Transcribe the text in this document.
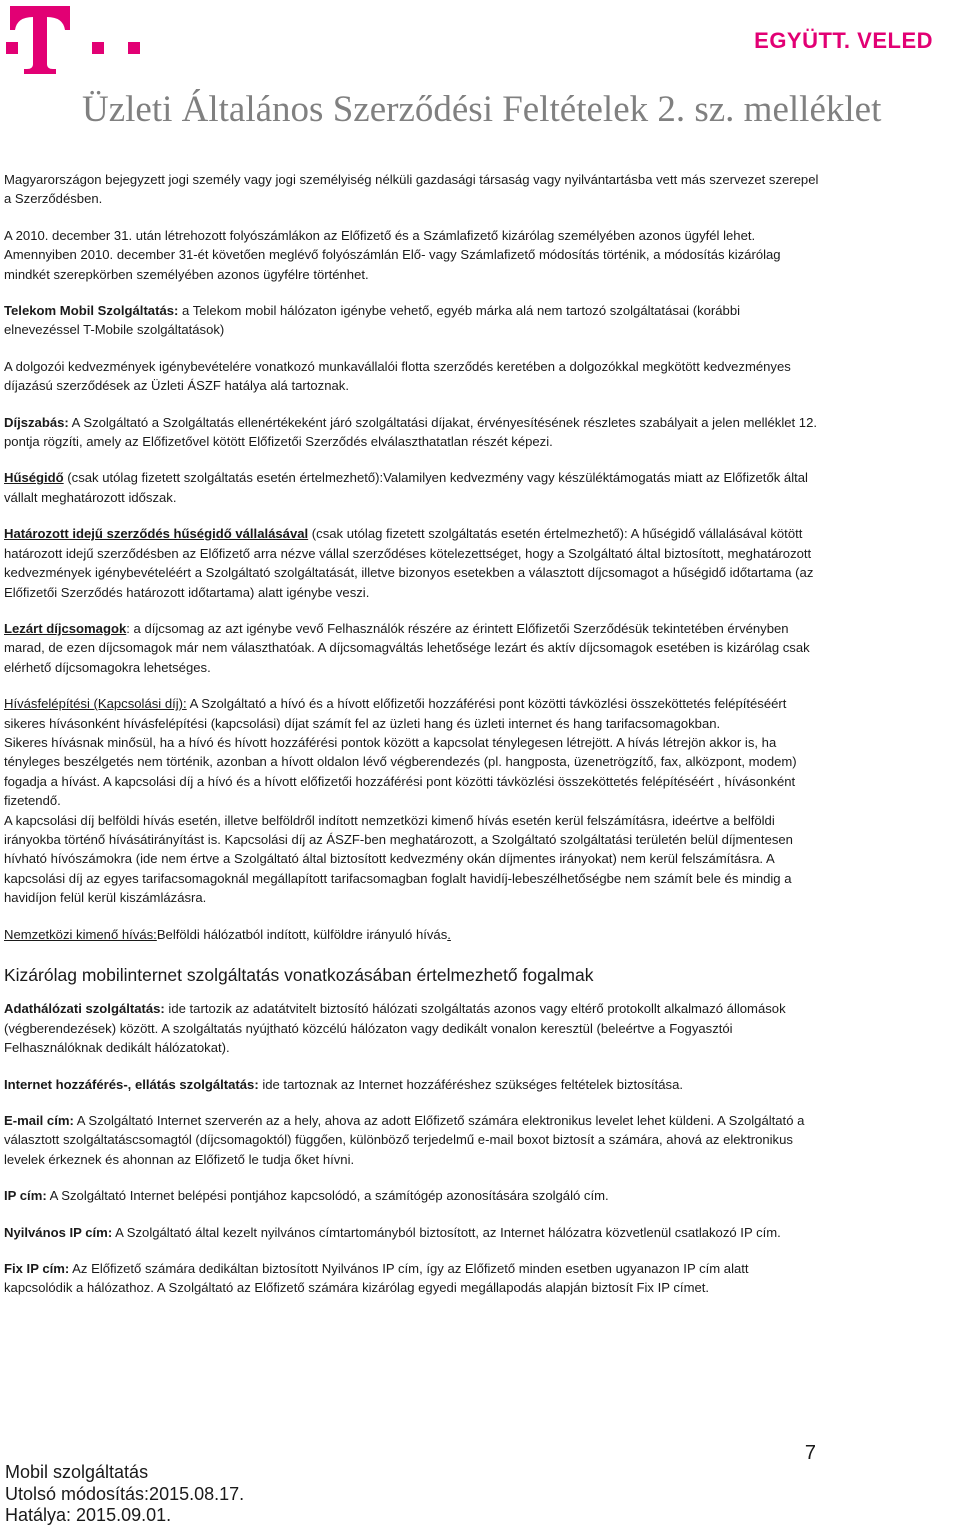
EGYÜTT. VELED
Üzleti Általános Szerződési Feltételek 2. sz. melléklet

Magyarországon bejegyzett jogi személy vagy jogi személyiség nélküli gazdasági társaság vagy nyilvántartásba vett más szervezet szerepel a Szerződésben.

A 2010. december 31. után létrehozott folyószámlákon az Előfizető és a Számlafizető kizárólag személyében azonos ügyfél lehet. Amennyiben 2010. december 31-ét követően meglévő folyószámlán Elő- vagy Számlafizető módosítás történik, a módosítás kizárólag mindkét szerepkörben személyében azonos ügyfélre történhet.

Telekom Mobil Szolgáltatás: a Telekom mobil hálózaton igénybe vehető, egyéb márka alá nem tartozó szolgáltatásai (korábbi elnevezéssel T-Mobile szolgáltatások)

A dolgozói kedvezmények igénybevételére vonatkozó munkavállalói flotta szerződés keretében a dolgozókkal megkötött kedvezményes díjazású szerződések az Üzleti ÁSZF hatálya alá tartoznak.

Díjszabás: A Szolgáltató a Szolgáltatás ellenértékeként járó szolgáltatási díjakat, érvényesítésének részletes szabályait a jelen melléklet 12. pontja rögzíti, amely az Előfizetővel kötött Előfizetői Szerződés elválaszthatatlan részét képezi.

Hűségidő (csak utólag fizetett szolgáltatás esetén értelmezhető):Valamilyen kedvezmény vagy készüléktámogatás miatt az Előfizetők által vállalt meghatározott időszak.

Határozott idejű szerződés hűségidő vállalásával (csak utólag fizetett szolgáltatás esetén értelmezhető): A hűségidő vállalásával kötött határozott idejű szerződésben az Előfizető arra nézve vállal szerződéses kötelezettséget, hogy a Szolgáltató által biztosított, meghatározott kedvezmények igénybevételéért a Szolgáltató szolgáltatását, illetve bizonyos esetekben a választott díjcsomagot a hűségidő időtartama (az Előfizetői Szerződés határozott időtartama) alatt igénybe veszi.

Lezárt díjcsomagok: a díjcsomag az azt igénybe vevő Felhasználók részére az érintett Előfizetői Szerződésük tekintetében érvényben marad, de ezen díjcsomagok már nem választhatóak. A díjcsomagváltás lehetősége lezárt és aktív díjcsomagok esetében is kizárólag csak elérhető díjcsomagokra lehetséges.

Hívásfelépítési (Kapcsolási díj): A Szolgáltató a hívó és a hívott előfizetői hozzáférési pont közötti távközlési összeköttetés felépítéséért sikeres hívásonként hívásfelépítési (kapcsolási) díjat számít fel az üzleti hang és üzleti internet és hang tarifacsomagokban.

Sikeres hívásnak minősül, ha a hívó és hívott hozzáférési pontok között a kapcsolat ténylegesen létrejött. A hívás létrejön akkor is, ha tényleges beszélgetés nem történik, azonban a hívott oldalon lévő végberendezés (pl. hangposta, üzenetrögzítő, fax, alközpont, modem) fogadja a hívást. A kapcsolási díj a hívó és a hívott előfizetői hozzáférési pont közötti távközlési összeköttetés felépítéséért , hívásonként fizetendő.

A kapcsolási díj belföldi hívás esetén, illetve belföldről indított nemzetközi kimenő hívás esetén kerül felszámításra, ideértve a belföldi irányokba történő hívásátirányítást is. Kapcsolási díj az ÁSZF-ben meghatározott, a Szolgáltató szolgáltatási területén belül díjmentesen hívható hívószámokra (ide nem értve a Szolgáltató által biztosított kedvezmény okán díjmentes irányokat) nem kerül felszámításra. A kapcsolási díj az egyes tarifacsomagoknál megállapított tarifacsomagban foglalt havidíj-lebeszélhetőségbe nem számít bele és mindig a havidíjon felül kerül kiszámlázásra.

Nemzetközi kimenő hívás:Belföldi hálózatból indított, külföldre irányuló hívás.

Kizárólag mobilinternet szolgáltatás vonatkozásában értelmezhető fogalmak

Adathálózati szolgáltatás: ide tartozik az adatátvitelt biztosító hálózati szolgáltatás azonos vagy eltérő protokollt alkalmazó állomások (végberendezések) között. A szolgáltatás nyújtható közcélú hálózaton vagy dedikált vonalon keresztül (beleértve a Fogyasztói Felhasználóknak dedikált hálózatokat).

Internet hozzáférés-, ellátás szolgáltatás: ide tartoznak az Internet hozzáféréshez szükséges feltételek biztosítása.

E-mail cím: A Szolgáltató Internet szerverén az a hely, ahova az adott Előfizető számára elektronikus levelet lehet küldeni. A Szolgáltató a választott szolgáltatáscsomagtól (díjcsomagoktól) függően, különböző terjedelmű e-mail boxot biztosít a számára, ahová az elektronikus levelek érkeznek és ahonnan az Előfizető le tudja őket hívni.

IP cím: A Szolgáltató Internet belépési pontjához kapcsolódó, a számítógép azonosítására szolgáló cím.

Nyilvános IP cím: A Szolgáltató által kezelt nyilvános címtartományból biztosított, az Internet hálózatra közvetlenül csatlakozó IP cím.

Fix IP cím: Az Előfizető számára dedikáltan biztosított Nyilvános IP cím, így az Előfizető minden esetben ugyanazon IP cím alatt kapcsolódik a hálózathoz. A Szolgáltató az Előfizető számára kizárólag egyedi megállapodás alapján biztosít Fix IP címet.

Mobil szolgáltatás
Utolsó módosítás:2015.08.17.
Hatálya: 2015.09.01.
7
